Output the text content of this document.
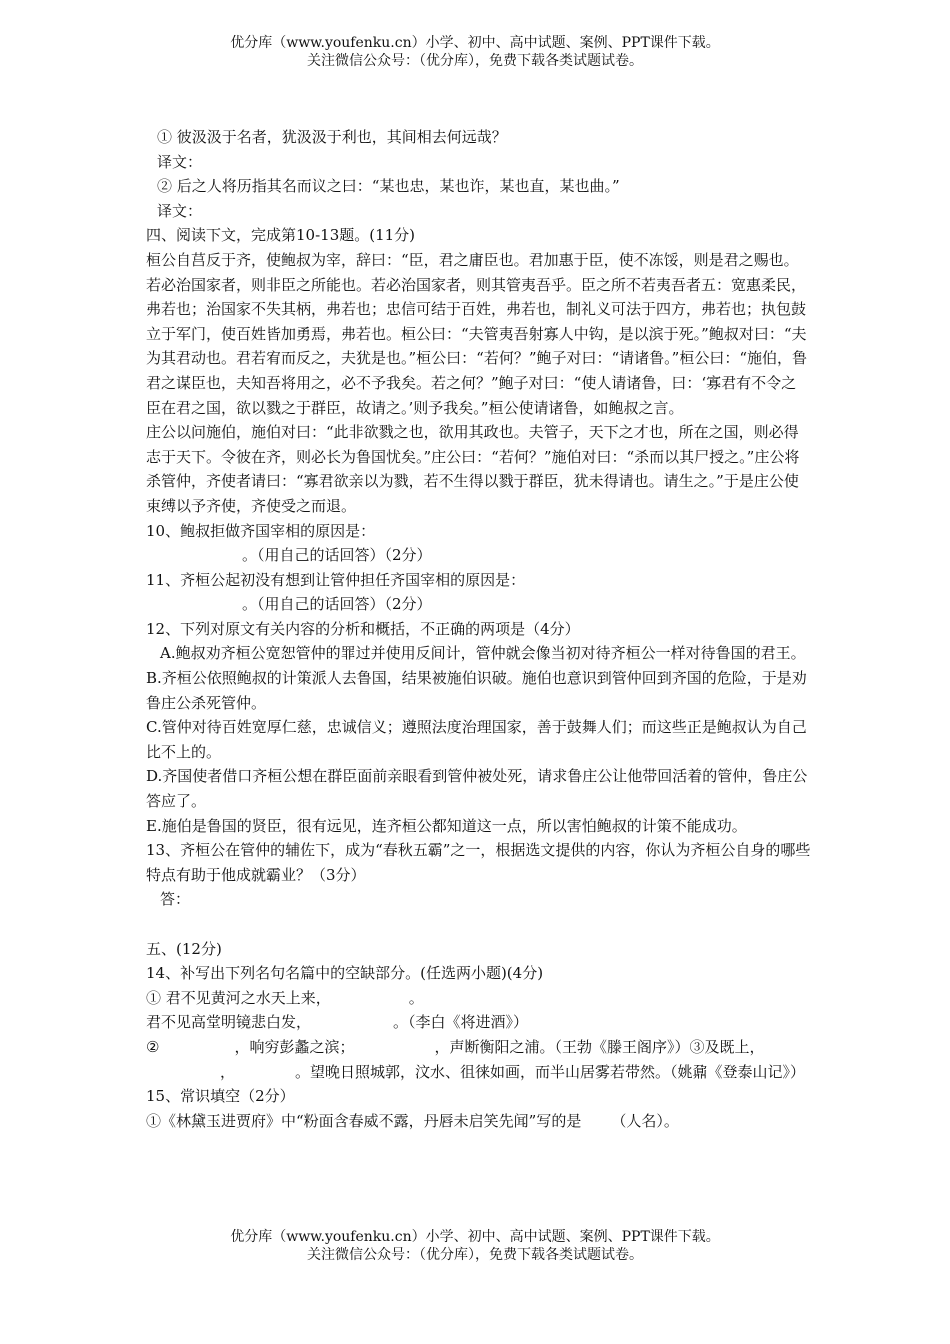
优分库（www.youfenku.cn）小学、初中、高中试题、案例、PPT课件下载。
关注微信公众号：（优分库），免费下载各类试题试卷。

① 彼汲汲于名者，犹汲汲于利也，其间相去何远哉？

译文：

② 后之人将历指其名而议之曰：“某也忠，某也诈，某也直，某也曲。”

译文：

四、阅读下文，完成第10-13题。(11分)

桓公自莒反于齐，使鲍叔为宰，辞曰：“臣，君之庸臣也。君加惠于臣，使不冻馁，则是君之赐也。若必治国家者，则非臣之所能也。若必治国家者，则其管夷吾乎。臣之所不若夷吾者五：宽惠柔民，弗若也；治国家不失其柄，弗若也；忠信可结于百姓，弗若也，制礼义可法于四方，弗若也；执包鼓立于军门，使百姓皆加勇焉，弗若也。桓公曰：“夫管夷吾射寡人中钩，是以滨于死。”鲍叔对曰：“夫为其君动也。君若宥而反之，夫犹是也。”桓公曰：“若何？”鲍子对曰：“请诸鲁。”桓公曰：“施伯，鲁君之谋臣也，夫知吾将用之，必不予我矣。若之何？”鲍子对曰：“使人请诸鲁，曰：‘寡君有不令之臣在君之国，欲以戮之于群臣，故请之。’则予我矣。”桓公使请诸鲁，如鲍叔之言。

庄公以问施伯，施伯对曰：“此非欲戮之也，欲用其政也。夫管子，天下之才也，所在之国，则必得志于天下。令彼在齐，则必长为鲁国忧矣。”庄公曰：“若何？”施伯对曰：“杀而以其尸授之。”庄公将杀管仲，齐使者请曰：“寡君欲亲以为戮，若不生得以戮于群臣，犹未得请也。请生之。”于是庄公使束缚以予齐使，齐使受之而退。

10、鲍叔拒做齐国宰相的原因是：

。（用自己的话回答）（2分）

11、齐桓公起初没有想到让管仲担任齐国宰相的原因是：

。（用自己的话回答）（2分）

12、下列对原文有关内容的分析和概括，不正确的两项是（4分）

A.鲍叔劝齐桓公宽恕管仲的罪过并使用反间计，管仲就会像当初对待齐桓公一样对待鲁国的君王。

B.齐桓公依照鲍叔的计策派人去鲁国，结果被施伯识破。施伯也意识到管仲回到齐国的危险，于是劝鲁庄公杀死管仲。

C.管仲对待百姓宽厚仁慈，忠诚信义；遵照法度治理国家，善于鼓舞人们；而这些正是鲍叔认为自己比不上的。

D.齐国使者借口齐桓公想在群臣面前亲眼看到管仲被处死，请求鲁庄公让他带回活着的管仲，鲁庄公答应了。

E.施伯是鲁国的贤臣，很有远见，连齐桓公都知道这一点，所以害怕鲍叔的计策不能成功。

13、齐桓公在管仲的辅佐下，成为“春秋五霸”之一，根据选文提供的内容，你认为齐桓公自身的哪些特点有助于他成就霸业？（3分）

答：

五、(12分)

14、补写出下列名句名篇中的空缺部分。(任选两小题)(4分)

① 君不见黄河之水天上来，	。

君不见高堂明镜悲白发，	。（李白《将进酒》）

②	，响穷彭蠡之滨；	，声断衡阳之浦。（王勃《滕王阁序》）③及既上，，	。望晚日照城郭，汶水、徂徕如画，而半山居雾若带然。（姚鼐《登泰山记》）

15、常识填空（2分）

①《林黛玉进贾府》中“粉面含春威不露，丹唇未启笑先闻”写的是 （人名）。

优分库（www.youfenku.cn）小学、初中、高中试题、案例、PPT课件下载。
关注微信公众号：（优分库），免费下载各类试题试卷。
